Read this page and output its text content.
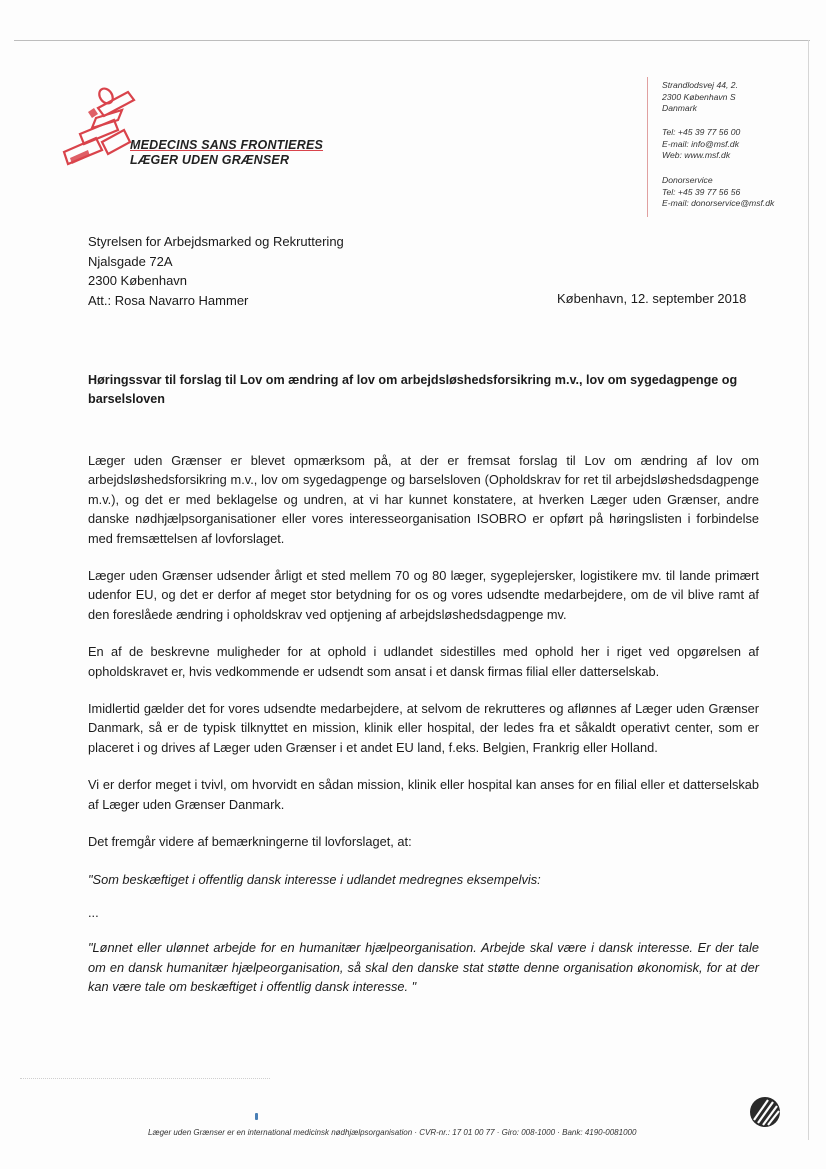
MEDECINS SANS FRONTIERES
LÆGER UDEN GRÆNSER
Strandlodsvej 44, 2.
2300 København S
Danmark
Tel: +45 39 77 56 00
E-mail: info@msf.dk
Web: www.msf.dk
Donorservice
Tel: +45 39 77 56 56
E-mail: donorservice@msf.dk
Styrelsen for Arbejdsmarked og Rekruttering
Njalsgade 72A
2300 København
Att.: Rosa Navarro Hammer	København, 12. september 2018
Høringssvar til forslag til Lov om ændring af lov om arbejdsløshedsforsikring m.v., lov om sygedagpenge og barselsloven

Læger uden Grænser er blevet opmærksom på, at der er fremsat forslag til Lov om ændring af lov om arbejdsløshedsforsikring m.v., lov om sygedagpenge og barselsloven (Opholdskrav for ret til arbejdsløshedsdagpenge m.v.), og det er med beklagelse og undren, at vi har kunnet konstatere, at hverken Læger uden Grænser, andre danske nødhjælpsorganisationer eller vores interesseorganisation ISOBRO er opført på høringslisten i forbindelse med fremsættelsen af lovforslaget.

Læger uden Grænser udsender årligt et sted mellem 70 og 80 læger, sygeplejersker, logistikere mv. til lande primært udenfor EU, og det er derfor af meget stor betydning for os og vores udsendte medarbejdere, om de vil blive ramt af den foreslåede ændring i opholdskrav ved optjening af arbejdsløshedsdagpenge mv.

En af de beskrevne muligheder for at ophold i udlandet sidestilles med ophold her i riget ved opgørelsen af opholdskravet er, hvis vedkommende er udsendt som ansat i et dansk firmas filial eller datterselskab.

Imidlertid gælder det for vores udsendte medarbejdere, at selvom de rekrutteres og aflønnes af Læger uden Grænser Danmark, så er de typisk tilknyttet en mission, klinik eller hospital, der ledes fra et såkaldt operativt center, som er placeret i og drives af Læger uden Grænser i et andet EU land, f.eks. Belgien, Frankrig eller Holland.

Vi er derfor meget i tvivl, om hvorvidt en sådan mission, klinik eller hospital kan anses for en filial eller et datterselskab af Læger uden Grænser Danmark.

Det fremgår videre af bemærkningerne til lovforslaget, at:

"Som beskæftiget i offentlig dansk interesse i udlandet medregnes eksempelvis:

...

"Lønnet eller ulønnet arbejde for en humanitær hjælpeorganisation. Arbejde skal være i dansk interesse. Er der tale om en dansk humanitær hjælpeorganisation, så skal den danske stat støtte denne organisation økonomisk, for at der kan være tale om beskæftiget i offentlig dansk interesse. "

Læger uden Grænser er en international medicinsk nødhjælpsorganisation · CVR-nr.: 17 01 00 77 · Giro: 008-1000 · Bank: 4190-0081000
